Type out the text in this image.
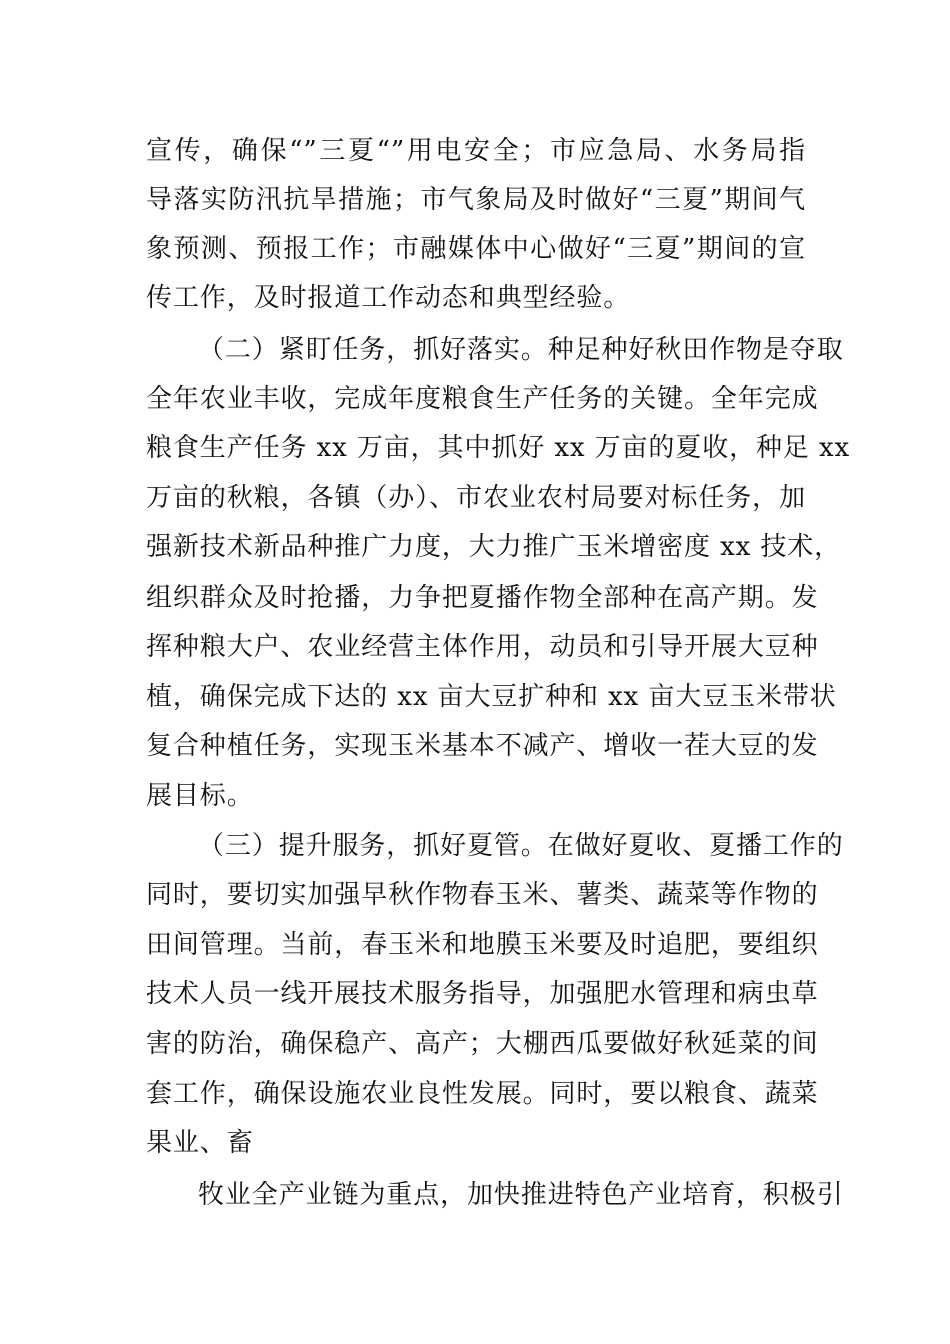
宣传，确保“”三夏“”用电安全；市应急局、水务局指
导落实防汛抗旱措施；市气象局及时做好“三夏”期间气
象预测、预报工作；市融媒体中心做好“三夏”期间的宣
传工作，及时报道工作动态和典型经验。
（二）紧盯任务，抓好落实。种足种好秋田作物是夺取
全年农业丰收，完成年度粮食生产任务的关键。全年完成
粮食生产任务 xx 万亩，其中抓好 xx 万亩的夏收，种足 xx
万亩的秋粮，各镇（办）、市农业农村局要对标任务，加
强新技术新品种推广力度，大力推广玉米增密度 xx 技术，
组织群众及时抢播，力争把夏播作物全部种在高产期。发
挥种粮大户、农业经营主体作用，动员和引导开展大豆种
植，确保完成下达的 xx 亩大豆扩种和 xx 亩大豆玉米带状
复合种植任务，实现玉米基本不减产、增收一茬大豆的发
展目标。
（三）提升服务，抓好夏管。在做好夏收、夏播工作的
同时，要切实加强早秋作物春玉米、薯类、蔬菜等作物的
田间管理。当前，春玉米和地膜玉米要及时追肥，要组织
技术人员一线开展技术服务指导，加强肥水管理和病虫草
害的防治，确保稳产、高产；大棚西瓜要做好秋延菜的间
套工作，确保设施农业良性发展。同时，要以粮食、蔬菜
果业、畜
牧业全产业链为重点，加快推进特色产业培育，积极引
